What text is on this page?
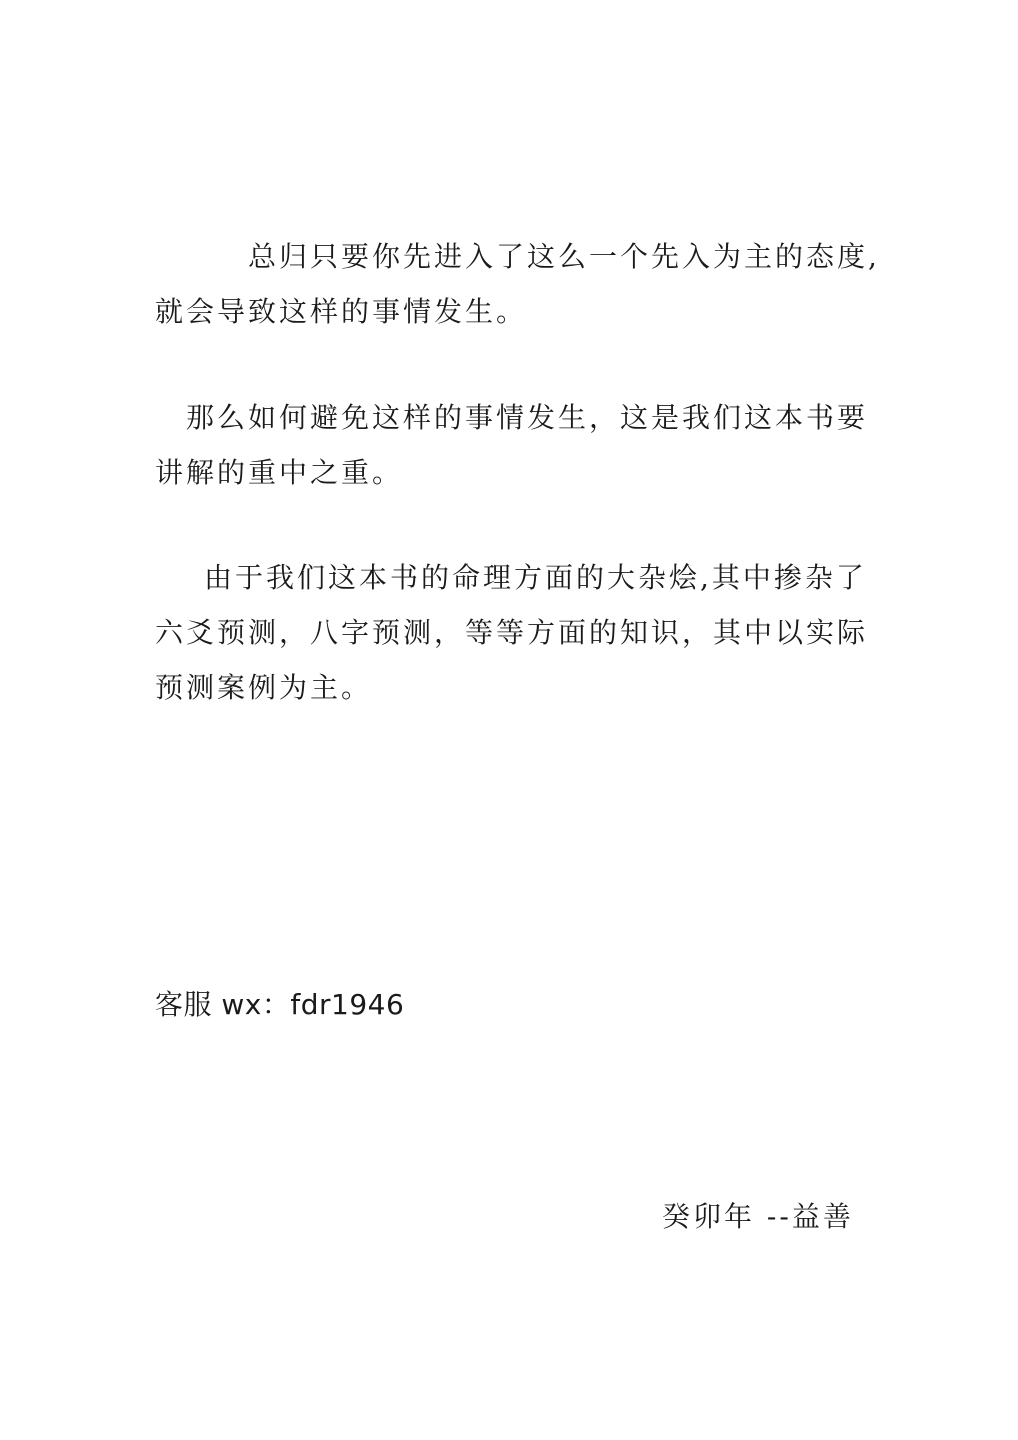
总归只要你先进入了这么一个先入为主的态度,
就会导致这样的事情发生。
那么如何避免这样的事情发生，这是我们这本书要
讲解的重中之重。
由于我们这本书的命理方面的大杂烩,其中掺杂了
六爻预测，八字预测，等等方面的知识，其中以实际
预测案例为主。
客服 wx：fdr1946
癸卯年 --益善
